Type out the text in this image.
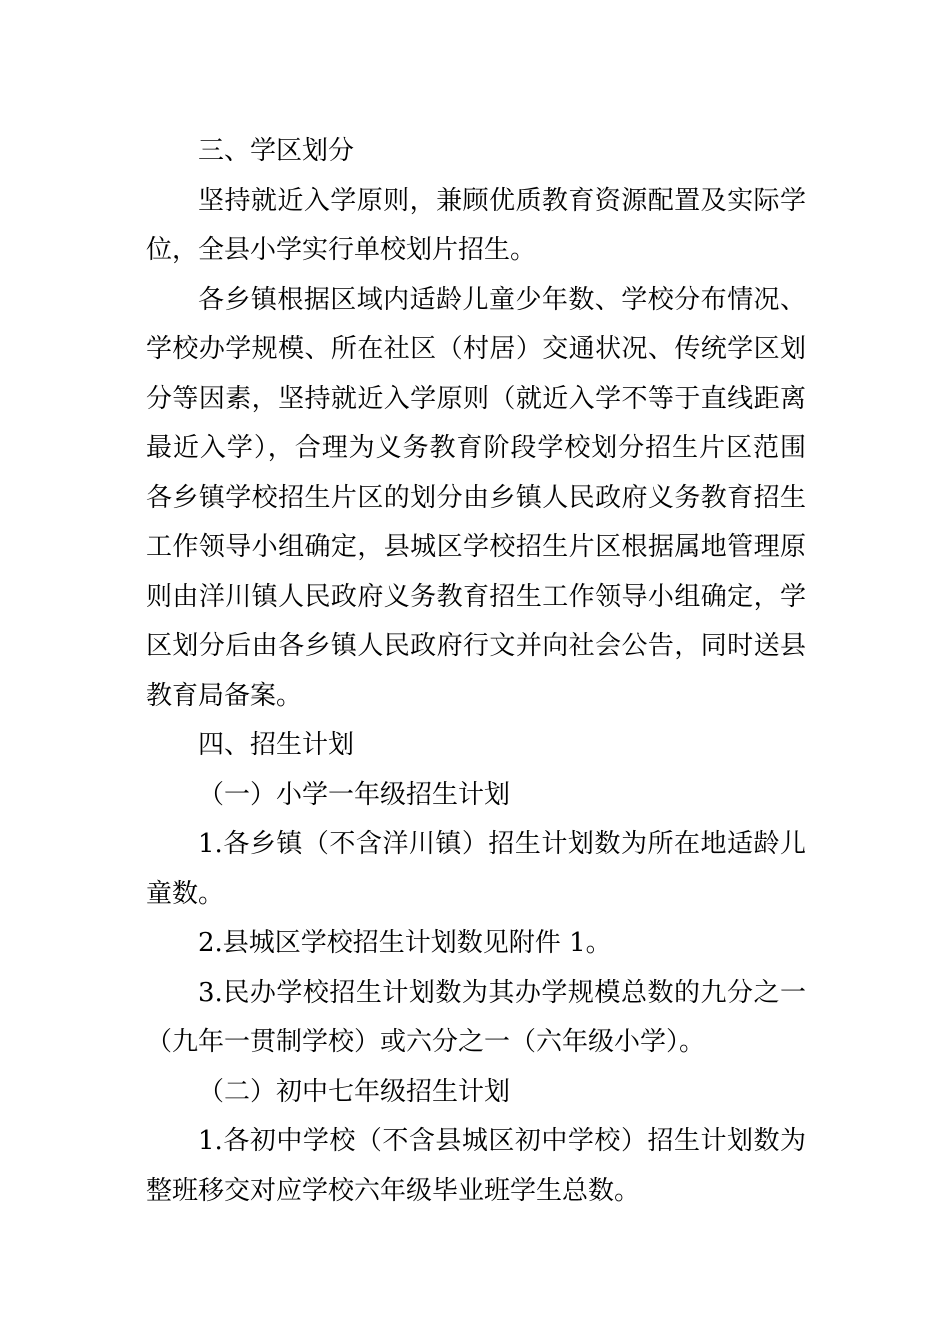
三、学区划分

坚持就近入学原则，兼顾优质教育资源配置及实际学位，全县小学实行单校划片招生。

各乡镇根据区域内适龄儿童少年数、学校分布情况、学校办学规模、所在社区（村居）交通状况、传统学区划分等因素，坚持就近入学原则（就近入学不等于直线距离最近入学），合理为义务教育阶段学校划分招生片区范围各乡镇学校招生片区的划分由乡镇人民政府义务教育招生工作领导小组确定，县城区学校招生片区根据属地管理原则由洋川镇人民政府义务教育招生工作领导小组确定，学区划分后由各乡镇人民政府行文并向社会公告，同时送县教育局备案。

四、招生计划

（一）小学一年级招生计划

1.各乡镇（不含洋川镇）招生计划数为所在地适龄儿童数。

2.县城区学校招生计划数见附件 1。

3.民办学校招生计划数为其办学规模总数的九分之一（九年一贯制学校）或六分之一（六年级小学）。

（二）初中七年级招生计划

1.各初中学校（不含县城区初中学校）招生计划数为整班移交对应学校六年级毕业班学生总数。
